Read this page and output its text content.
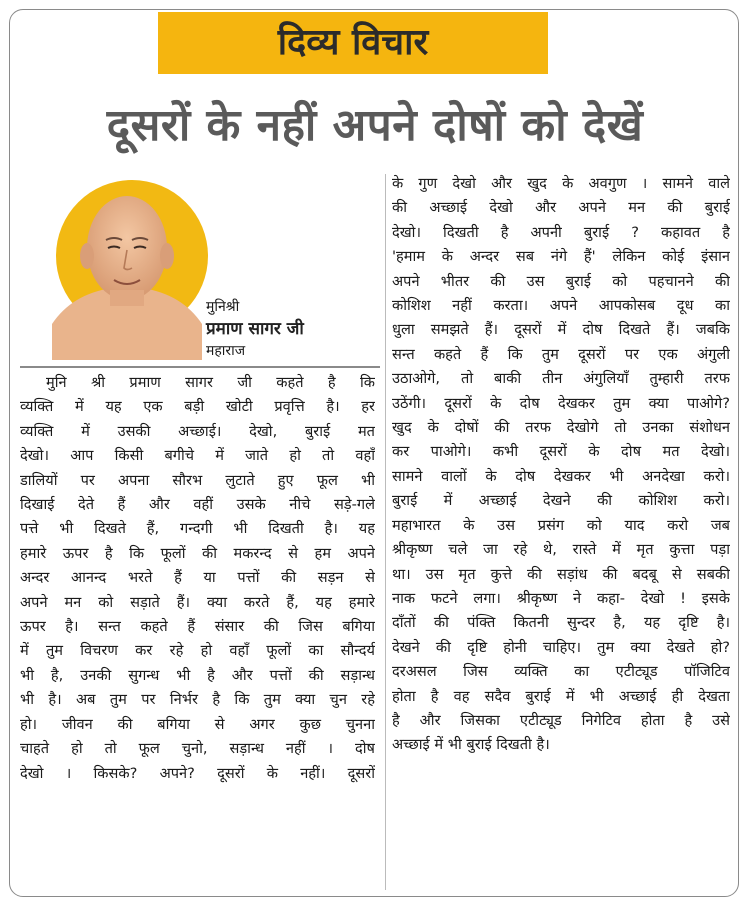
दिव्य विचार
दूसरों के नहीं अपने दोषों को देखें
मुनिश्री
प्रमाण सागर जी
महाराज
मुनि श्री प्रमाण सागर जी कहते है कि
व्यक्ति में यह एक बड़ी खोटी प्रवृत्ति है। हर
व्यक्ति में उसकी अच्छाई। देखो, बुराई मत
देखो। आप किसी बगीचे में जाते हो तो वहाँ
डालियों पर अपना सौरभ लुटाते हुए फूल भी
दिखाई देते हैं और वहीं उसके नीचे सड़े-गले
पत्ते भी दिखते हैं, गन्दगी भी दिखती है। यह
हमारे ऊपर है कि फूलों की मकरन्द से हम अपने
अन्दर आनन्द भरते हैं या पत्तों की सड़न से
अपने मन को सड़ाते हैं। क्या करते हैं, यह हमारे
ऊपर है। सन्त कहते हैं संसार की जिस बगिया
में तुम विचरण कर रहे हो वहाँ फूलों का सौन्दर्य
भी है, उनकी सुगन्ध भी है और पत्तों की सड़ान्ध
भी है। अब तुम पर निर्भर है कि तुम क्या चुन रहे
हो। जीवन की बगिया से अगर कुछ चुनना
चाहते हो तो फूल चुनो, सड़ान्ध नहीं । दोष
देखो । किसके? अपने? दूसरों के नहीं। दूसरों
के गुण देखो और खुद के अवगुण । सामने वाले
की अच्छाई देखो और अपने मन की बुराई
देखो। दिखती है अपनी बुराई ? कहावत है
'हमाम के अन्दर सब नंगे हैं' लेकिन कोई इंसान
अपने भीतर की उस बुराई को पहचानने की
कोशिश नहीं करता। अपने आपकोसब दूध का
धुला समझते हैं। दूसरों में दोष दिखते हैं। जबकि
सन्त कहते हैं कि तुम दूसरों पर एक अंगुली
उठाओगे, तो बाकी तीन अंगुलियाँ तुम्हारी तरफ
उठेंगी। दूसरों के दोष देखकर तुम क्या पाओगे?
खुद के दोषों की तरफ देखोगे तो उनका संशोधन
कर पाओगे। कभी दूसरों के दोष मत देखो।
सामने वालों के दोष देखकर भी अनदेखा करो।
बुराई में अच्छाई देखने की कोशिश करो।
महाभारत के उस प्रसंग को याद करो जब
श्रीकृष्ण चले जा रहे थे, रास्ते में मृत कुत्ता पड़ा
था। उस मृत कुत्ते की सड़ांध की बदबू से सबकी
नाक फटने लगा। श्रीकृष्ण ने कहा- देखो ! इसके
दाँतों की पंक्ति कितनी सुन्दर है, यह दृष्टि है।
देखने की दृष्टि होनी चाहिए। तुम क्या देखते हो?
दरअसल जिस व्यक्ति का एटीट्यूड पॉजिटिव
होता है वह सदैव बुराई में भी अच्छाई ही देखता
है और जिसका एटीट्यूड निगेटिव होता है उसे
अच्छाई में भी बुराई दिखती है।
